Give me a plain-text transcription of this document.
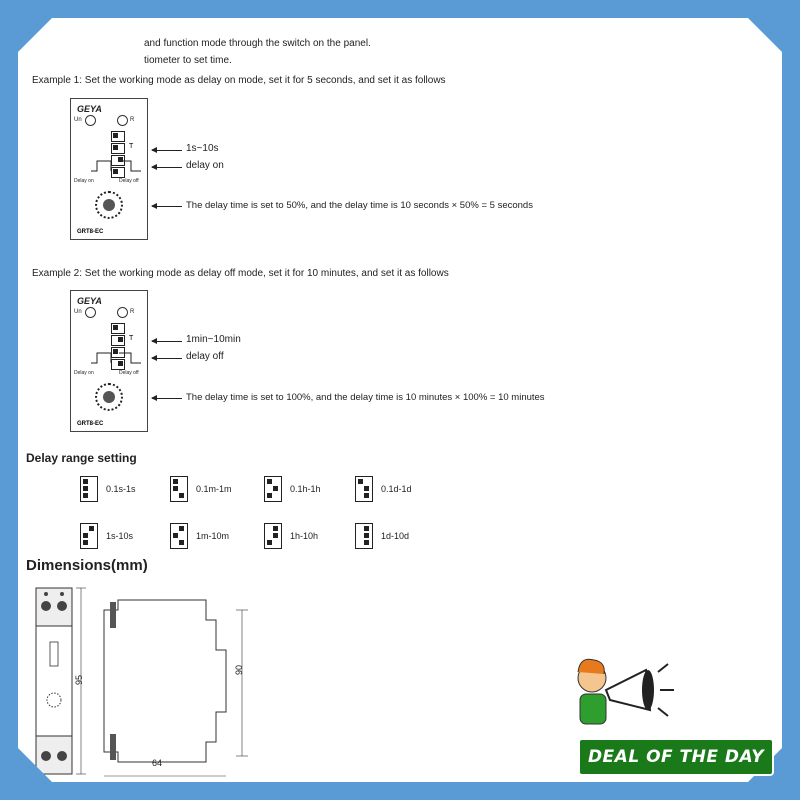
and function mode through the switch on the panel.
tiometer to set time.
Example 1: Set the working mode as delay on mode, set it for 5 seconds, and set it as follows
GEYA
Un	R
T
Delay on	Delay off
GRT8-EC
1s~10s
delay on
The delay time is set to 50%, and the delay time is 10 seconds × 50% = 5 seconds
Example 2: Set the working mode as delay off mode, set it for 10 minutes, and set it as follows
GEYA
Un	R
T
Delay on	Delay off
GRT8-EC
1min~10min
delay off
The delay time is set to 100%, and the delay time is 10 minutes × 100% = 10 minutes
Delay range setting
0.1s-1s	0.1m-1m	0.1h-1h	0.1d-1d
1s-10s	1m-10m	1h-10h	1d-10d
Dimensions(mm)
95
90
64	DEAL OF THE DAY
